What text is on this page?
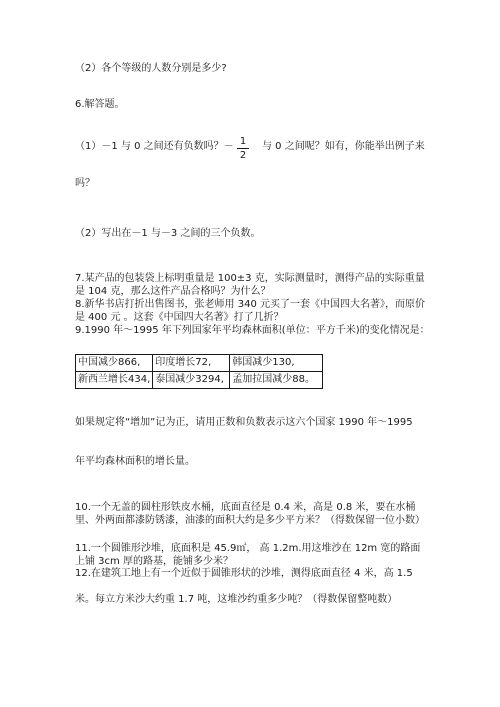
（2）各个等级的人数分别是多少?
6.解答题。
（1）－1 与 0 之间还有负数吗？－ 1
2
与 0 之间呢？如有，你能举出例子来
吗？
（2）写出在－1 与－3 之间的三个负数。
7.某产品的包装袋上标明重量是 100±3 克，实际测量时，测得产品的实际重量是 104 克，那么这件产品合格吗？为什么？
8.新华书店打折出售图书，张老师用 340 元买了一套《中国四大名著》，而原价是 400 元 。这套《中国四大名著》打了几折？
9.1990 年～1995 年下列国家年平均森林面积(单位：平方千米)的变化情况是：
中国减少866,	印度增长72,	韩国减少130,
新西兰增长434,	泰国减少3294,	孟加拉国减少88。
如果规定将“增加”记为正，请用正数和负数表示这六个国家 1990 年～1995
年平均森林面积的增长量。
10.一个无盖的圆柱形铁皮水桶，底面直径是 0.4 米，高是 0.8 米，要在水桶里、外两面都漆防锈漆，油漆的面积大约是多少平方米？（得数保留一位小数）
11.一个圆锥形沙堆，底面积是 45.9㎡， 高 1.2m.用这堆沙在 12m 宽的路面上铺 3cm 厚的路基，能铺多少米？
12.在建筑工地上有一个近似于圆锥形状的沙堆，测得底面直径 4 米，高 1.5
米。每立方米沙大约重 1.7 吨，这堆沙约重多少吨？（得数保留整吨数）
